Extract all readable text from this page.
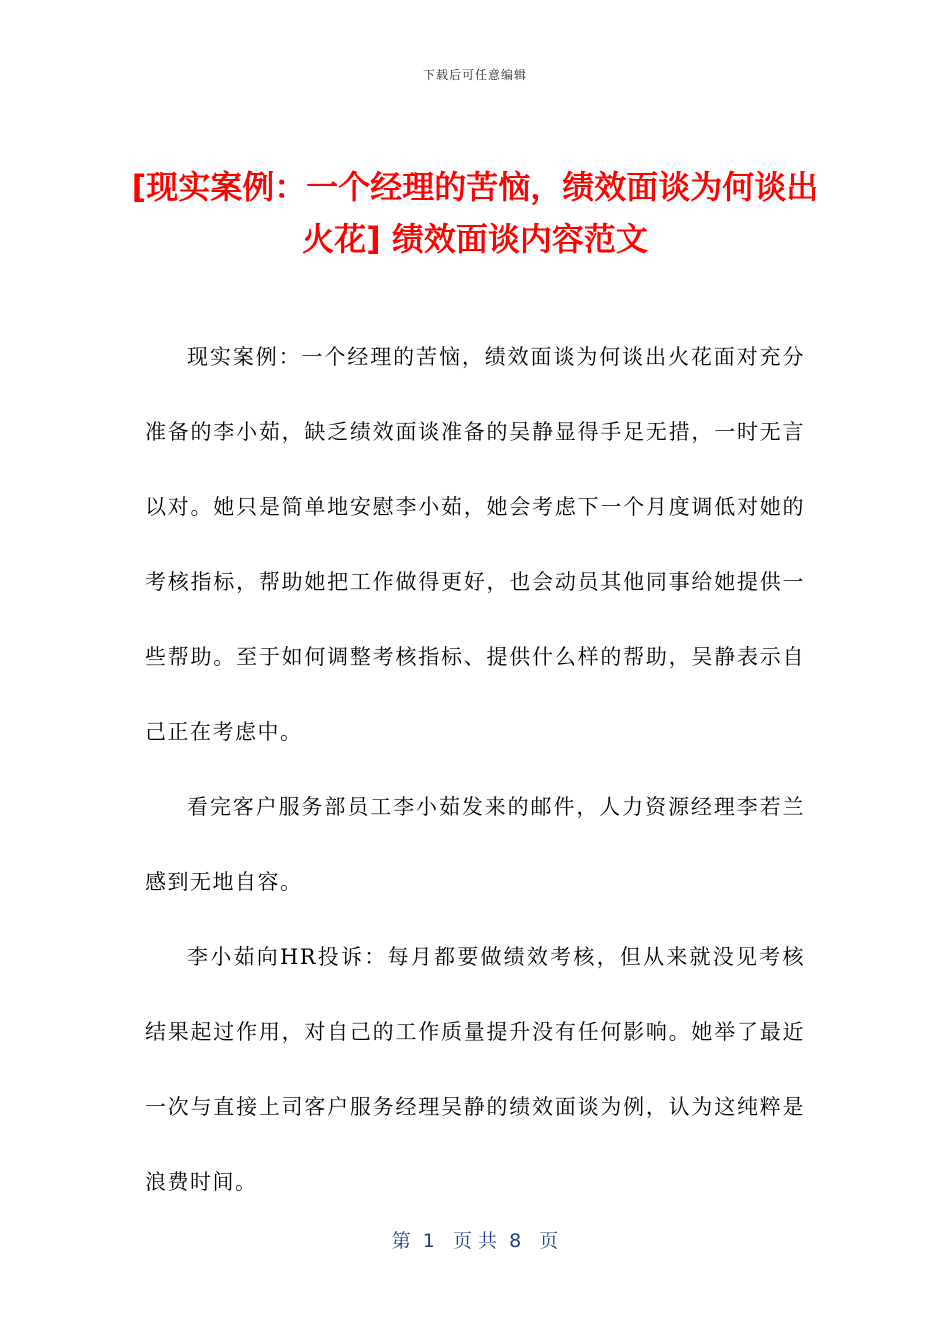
下载后可任意编辑
[现实案例：一个经理的苦恼，绩效面谈为何谈出火花] 绩效面谈内容范文

现实案例：一个经理的苦恼，绩效面谈为何谈出火花面对充分准备的李小茹，缺乏绩效面谈准备的吴静显得手足无措，一时无言以对。她只是简单地安慰李小茹，她会考虑下一个月度调低对她的考核指标，帮助她把工作做得更好，也会动员其他同事给她提供一些帮助。至于如何调整考核指标、提供什么样的帮助，吴静表示自己正在考虑中。

看完客户服务部员工李小茹发来的邮件，人力资源经理李若兰感到无地自容。

李小茹向HR投诉：每月都要做绩效考核，但从来就没见考核结果起过作用，对自己的工作质量提升没有任何影响。她举了最近一次与直接上司客户服务经理吴静的绩效面谈为例，认为这纯粹是浪费时间。

第  1   页 共  8   页
